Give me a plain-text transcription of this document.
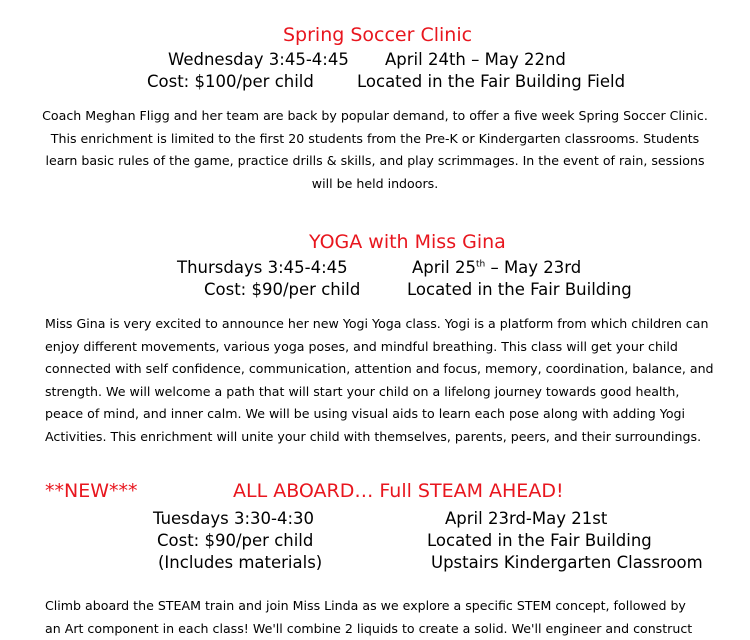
Spring Soccer Clinic
Wednesday 3:45-4:45 April 24th – May 22nd
Cost: $100/per child	Located in the Fair Building Field
Coach Meghan Fligg and her team are back by popular demand, to offer a five week Spring Soccer Clinic.
This enrichment is limited to the first 20 students from the Pre-K or Kindergarten classrooms. Students
learn basic rules of the game, practice drills & skills, and play scrimmages. In the event of rain, sessions
will be held indoors.
YOGA with Miss Gina
Thursdays 3:45-4:45	April 25th – May 23rd
Cost: $90/per child	Located in the Fair Building
Miss Gina is very excited to announce her new Yogi Yoga class. Yogi is a platform from which children can
enjoy different movements, various yoga poses, and mindful breathing. This class will get your child
connected with self confidence, communication, attention and focus, memory, coordination, balance, and
strength. We will welcome a path that will start your child on a lifelong journey towards good health,
peace of mind, and inner calm. We will be using visual aids to learn each pose along with adding Yogi
Activities. This enrichment will unite your child with themselves, parents, peers, and their surroundings.
**NEW***	ALL ABOARD… Full STEAM AHEAD!
Tuesdays 3:30-4:30	April 23rd-May 21st
Cost: $90/per child	Located in the Fair Building
(Includes materials)	Upstairs Kindergarten Classroom
Climb aboard the STEAM train and join Miss Linda as we explore a specific STEM concept, followed by
an Art component in each class! We'll combine 2 liquids to create a solid. We'll engineer and construct
